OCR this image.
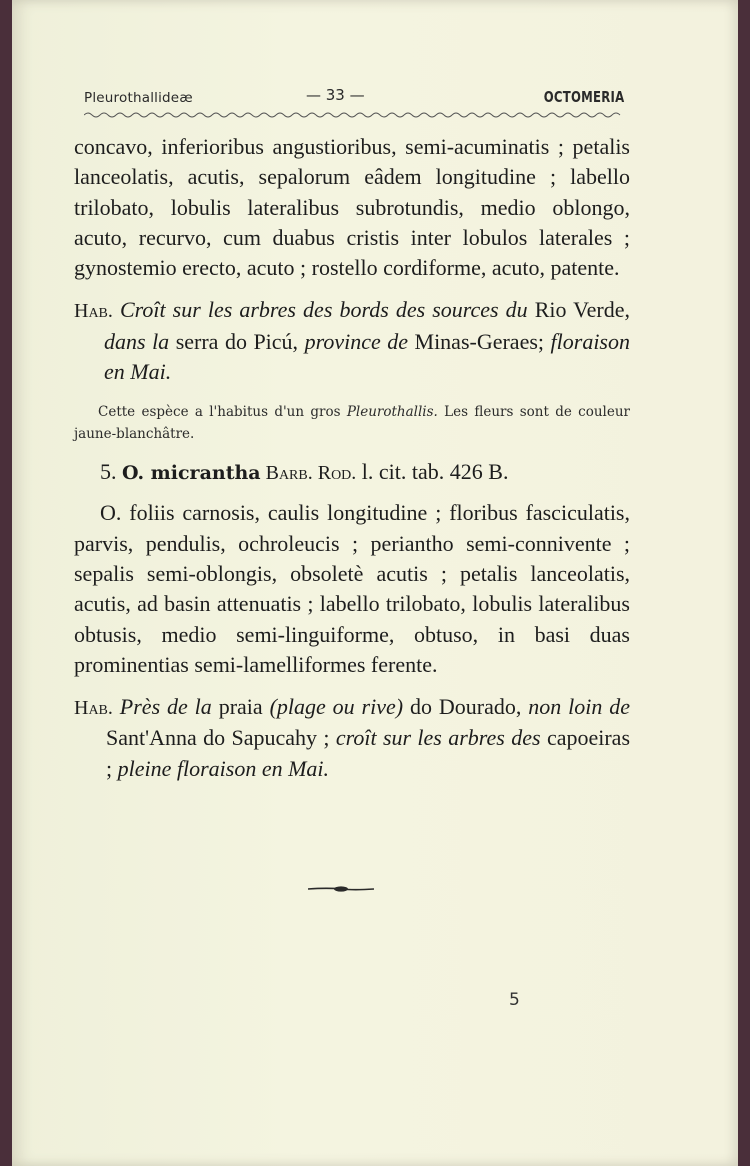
Pleurothallideæ	— 33 —	OCTOMERIA

concavo, inferioribus angustioribus, semi-acuminatis ; petalis lanceolatis, acutis, sepalorum eâdem longitudine ; labello trilobato, lobulis lateralibus subrotundis, medio oblongo, acuto, recurvo, cum duabus cristis inter lobulos laterales ; gynostemio erecto, acuto ; rostello cordiforme, acuto, patente.

Hab. Croît sur les arbres des bords des sources du Rio Verde, dans la serra do Picú, province de Minas-Geraes; floraison en Mai.

Cette espèce a l'habitus d'un gros Pleurothallis. Les fleurs sont de couleur jaune-blanchâtre.

5. O. micrantha Barb. Rod. l. cit. tab. 426 B.

O. foliis carnosis, caulis longitudine ; floribus fasciculatis, parvis, pendulis, ochroleucis ; perianthо semi-connivente ; sepalis semi-oblongis, obsoletè acutis ; petalis lanceolatis, acutis, ad basin attenuatis ; labello trilobato, lobulis lateralibus obtusis, medio semi-linguiforme, obtuso, in basi duas prominentias semi-lamelliformes ferente.

Hab. Près de la praia (plage ou rive) do Dourado, non loin de Sant'Anna do Sapucahy ; croît sur les arbres des capoeiras ; pleine floraison en Mai.

5
